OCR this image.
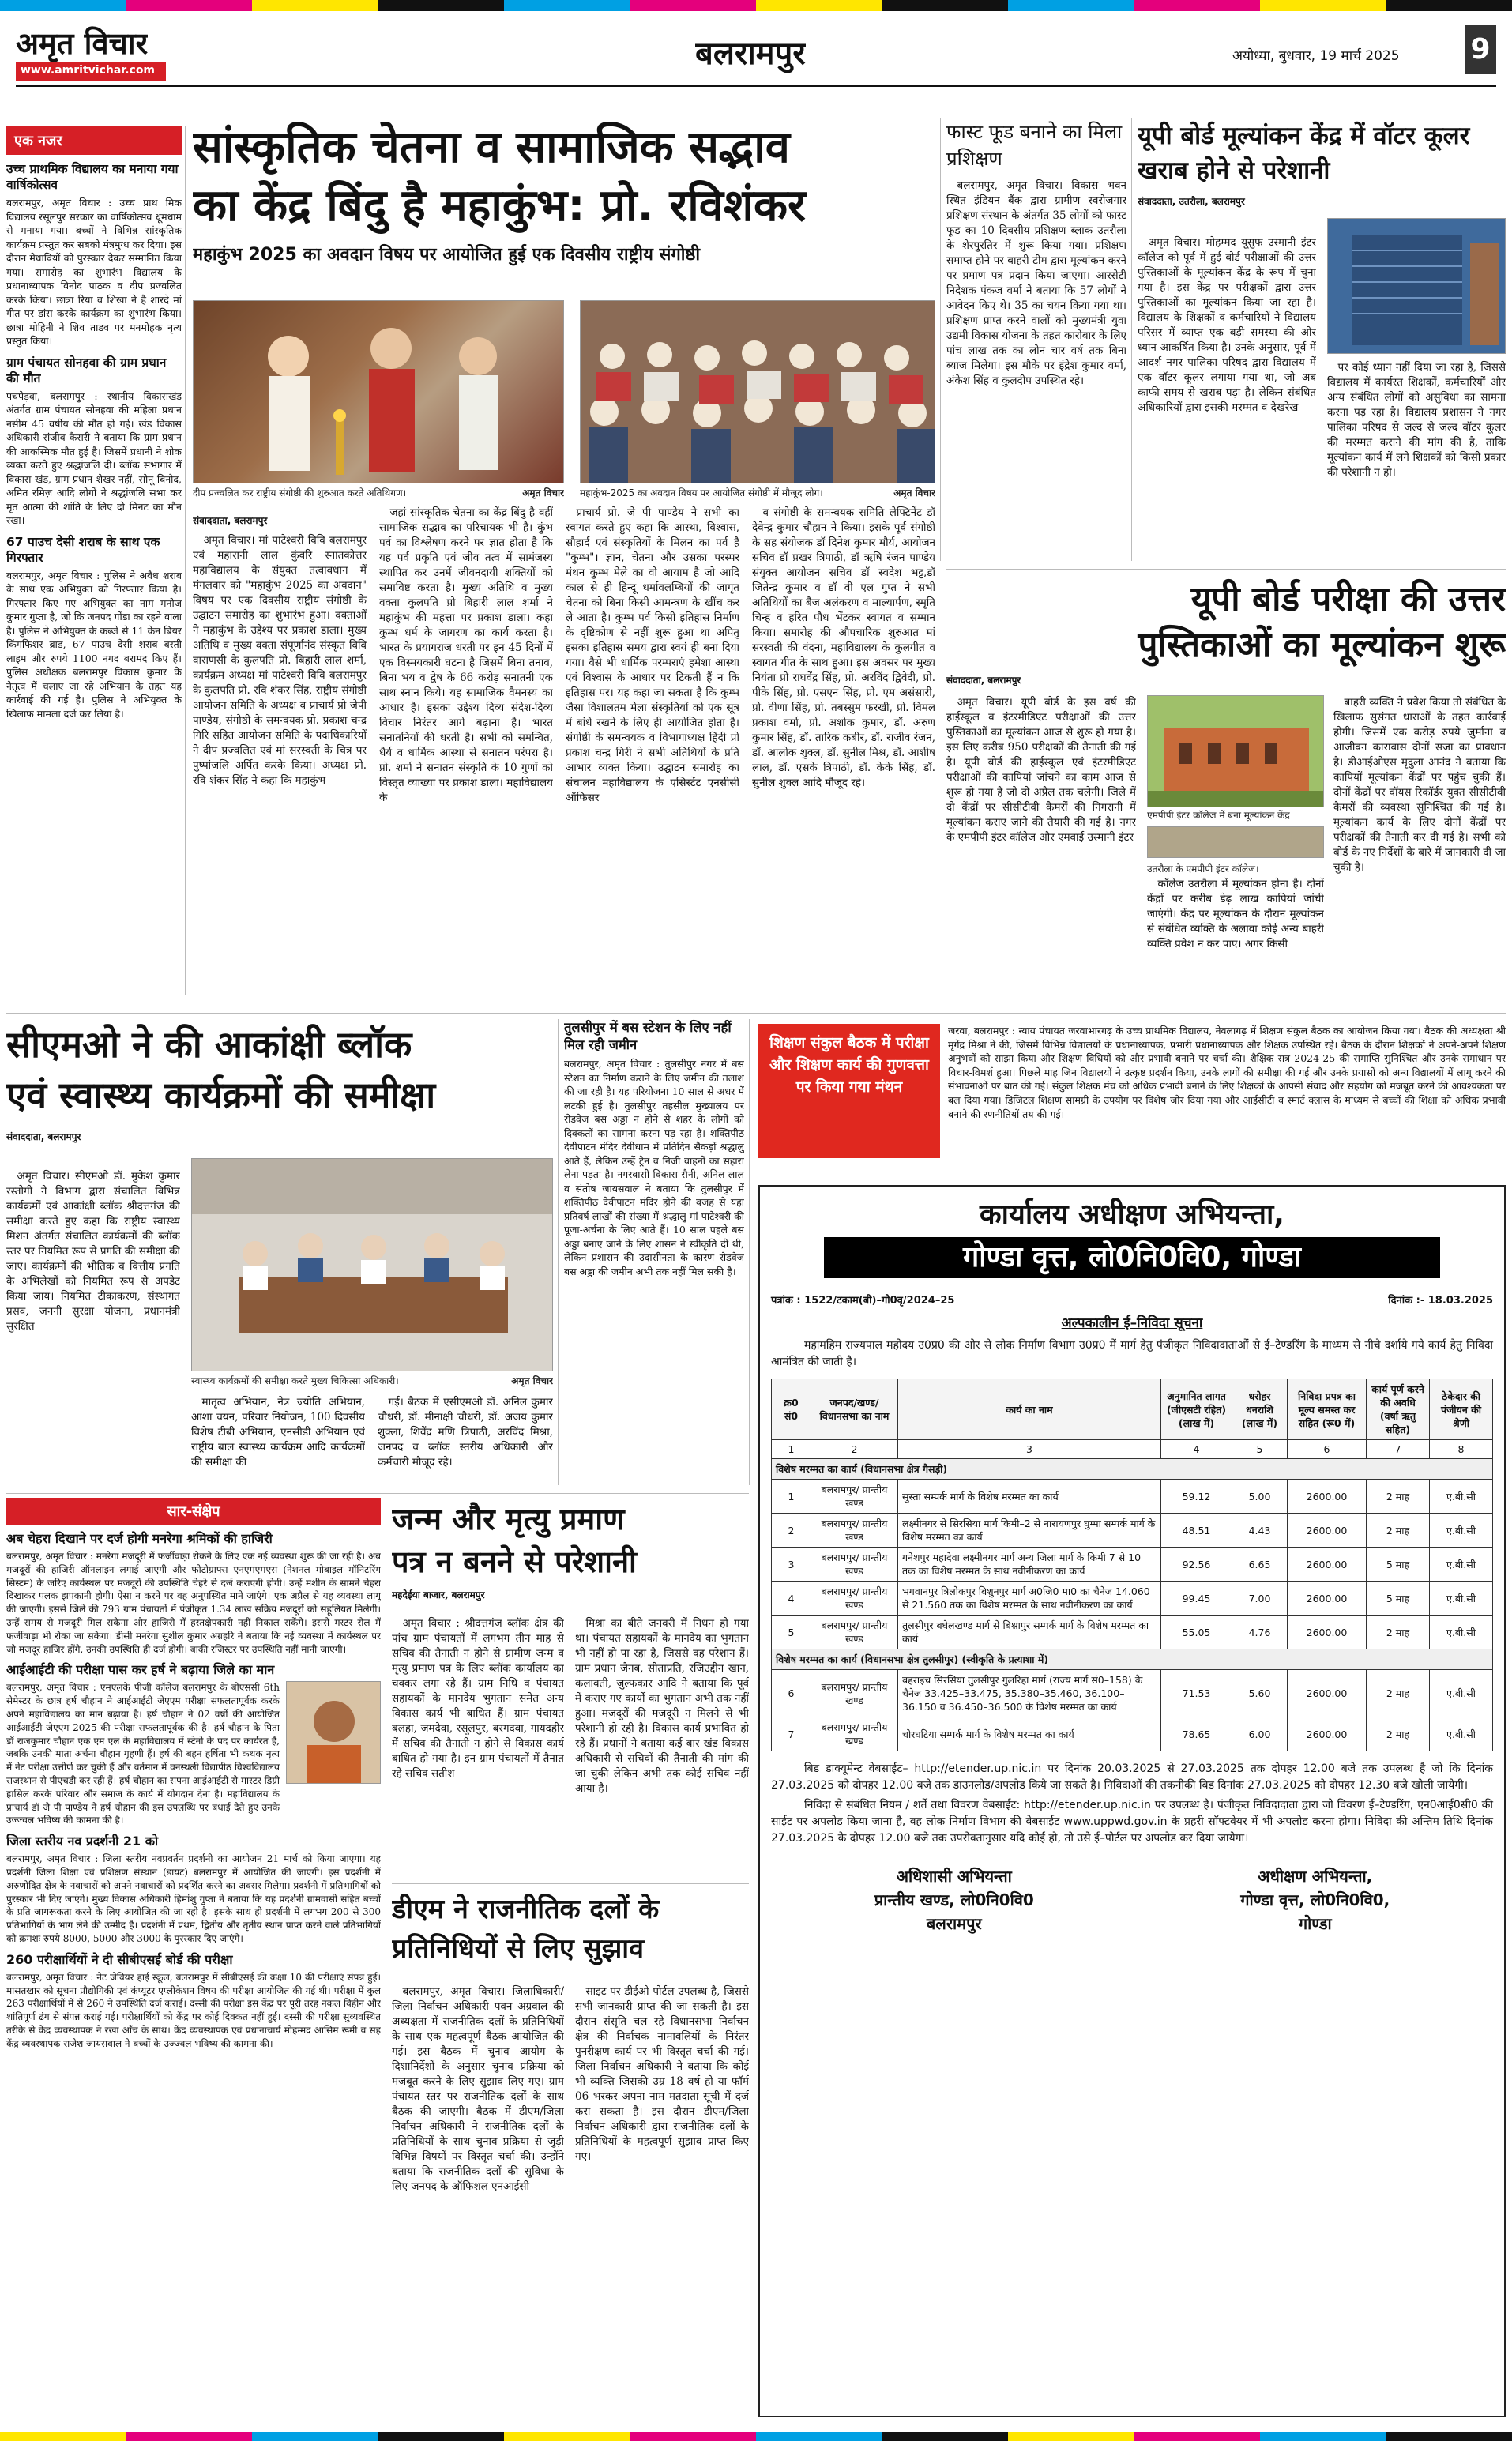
अमृत विचार
www.amritvichar.com	बलरामपुर	अयोध्या, बुधवार, 19 मार्च 2025 9
एक नजर
उच्च प्राथमिक विद्यालय का मनाया गया वार्षिकोत्सव
बलरामपुर, अमृत विचार : उच्च प्राथ मिक विद्यालय रसूलपुर सरकार का वार्षिकोत्सव धूमधाम से मनाया गया। बच्चों ने विभिन्न सांस्कृतिक कार्यक्रम प्रस्तुत कर सबको मंत्रमुग्ध कर दिया। इस दौरान मेधावियों को पुरस्कार देकर सम्मानित किया गया। समारोह का शुभारंभ विद्यालय के प्रधानाध्यापक विनोद पाठक व दीप प्रज्वलित करके किया। छात्रा रिया व शिखा ने है शारदे मां गीत पर डांस करके कार्यक्रम का शुभारंभ किया। छात्रा मोहिनी ने शिव ताडव पर मनमोहक नृत्य प्रस्तुत किया।
ग्राम पंचायत सोनहवा की ग्राम प्रधान की मौत
पचपेड़वा, बलरामपुर : स्थानीय विकासखंड अंतर्गत ग्राम पंचायत सोनहवा की महिला प्रधान नसीम 45 वर्षीय की मौत हो गई। खंड विकास अधिकारी संजीव कैसरी ने बताया कि ग्राम प्रधान की आकस्मिक मौत हुई है। जिसमें प्रधानी ने शोक व्यक्त करते हुए श्रद्धांजलि दी। ब्लॉक सभागार में विकास खंड, ग्राम प्रधान शेखर नहीं, सोनू बिनोद, अमित रमिज़ आदि लोगों ने श्रद्धांजलि सभा कर मृत आत्मा की शांति के लिए दो मिनट का मौन रखा।
67 पाउच देसी शराब के साथ एक गिरफ्तार
बलरामपुर, अमृत विचार : पुलिस ने अवैध शराब के साथ एक अभियुक्त को गिरफ्तार किया है। गिरफ्तार किए गए अभियुक्त का नाम मनोज कुमार गुप्ता है, जो कि जनपद गोंडा का रहने वाला है। पुलिस ने अभियुक्त के कब्जे से 11 केन बियर किंगफिशर ब्राड, 67 पाउच देसी शराब बस्ती लाइम और रुपये 1100 नगद बरामद किए हैं। पुलिस अधीक्षक बलरामपुर विकास कुमार के नेतृत्व में चलाए जा रहे अभियान के तहत यह कार्रवाई की गई है। पुलिस ने अभियुक्त के खिलाफ मामला दर्ज कर लिया है।
सांस्कृतिक चेतना व सामाजिक सद्भाव
का केंद्र बिंदु है महाकुंभ: प्रो. रविशंकर
महाकुंभ 2025 का अवदान विषय पर आयोजित हुई एक दिवसीय राष्ट्रीय संगोष्ठी
दीप प्रज्वलित कर राष्ट्रीय संगोष्ठी की शुरुआत करते अतिथिगण।	अमृत विचार महाकुंभ-2025 का अवदान विषय पर आयोजित संगोष्ठी में मौजूद लोग।	अमृत विचार
संवाददाता, बलरामपुर

अमृत विचार। मां पाटेश्वरी विवि बलरामपुर एवं महारानी लाल कुंवरि स्नातकोत्तर महाविद्यालय के संयुक्त तत्वावधान में मंगलवार को "महाकुंभ 2025 का अवदान" विषय पर एक दिवसीय राष्ट्रीय संगोष्ठी के उद्घाटन समारोह का शुभारंभ हुआ। वक्ताओं ने महाकुंभ के उद्देश्य पर प्रकाश डाला। मुख्य अतिथि व मुख्य वक्ता संपूर्णानंद संस्कृत विवि वाराणसी के कुलपति प्रो. बिहारी लाल शर्मा, कार्यक्रम अध्यक्ष मां पाटेश्वरी विवि बलरामपुर के कुलपति प्रो. रवि शंकर सिंह, राष्ट्रीय संगोष्ठी आयोजन समिति के अध्यक्ष व प्राचार्य प्रो जेपी पाण्डेय, संगोष्ठी के समन्वयक प्रो. प्रकाश चन्द्र गिरि सहित आयोजन समिति के पदाधिकारियों ने दीप प्रज्वलित एवं मां सरस्वती के चित्र पर पुष्पांजलि अर्पित करके किया। अध्यक्ष प्रो. रवि शंकर सिंह ने कहा कि महाकुंभ

जहां सांस्कृतिक चेतना का केंद्र बिंदु है वहीं सामाजिक सद्भाव का परिचायक भी है। कुंभ पर्व का विश्लेषण करने पर ज्ञात होता है कि यह पर्व प्रकृति एवं जीव तत्व में सामंजस्य स्थापित कर उनमें जीवनदायी शक्तियों को समाविष्ट करता है। मुख्य अतिथि व मुख्य वक्ता कुलपति प्रो बिहारी लाल शर्मा ने महाकुंभ की महत्ता पर प्रकाश डाला। कहा कुम्भ धर्म के जागरण का कार्य करता है। भारत के प्रयागराज धरती पर इन 45 दिनों में एक विस्मयकारी घटना है जिसमें बिना तनाव, बिना भय व द्वेष के 66 करोड़ सनातनी एक साथ स्नान किये। यह सामाजिक वैमनस्य का आधार है। इसका उद्देश्य दिव्य संदेश-दिव्य विचार निरंतर आगे बढ़ाना है। भारत सनातनियों की धरती है। सभी को समन्वित, धैर्य व धार्मिक आस्था से सनातन परंपरा है। प्रो. शर्मा ने सनातन संस्कृति के 10 गुणों को विस्तृत व्याख्या पर प्रकाश डाला। महाविद्यालय के

प्राचार्य प्रो. जे पी पाण्डेय ने सभी का स्वागत करते हुए कहा कि आस्था, विश्वास, सौहार्द एवं संस्कृतियों के मिलन का पर्व है "कुम्भ"। ज्ञान, चेतना और उसका परस्पर मंथन कुम्भ मेले का वो आयाम है जो आदि काल से ही हिन्दू धर्मावलम्बियों की जागृत चेतना को बिना किसी आमन्त्रण के खींच कर ले आता है। कुम्भ पर्व किसी इतिहास निर्माण के दृष्टिकोण से नहीं शुरू हुआ था अपितु इसका इतिहास समय द्वारा स्वयं ही बना दिया गया। वैसे भी धार्मिक परम्पराएं हमेशा आस्था एवं विश्वास के आधार पर टिकती हैं न कि इतिहास पर। यह कहा जा सकता है कि कुम्भ जैसा विशालतम मेला संस्कृतियों को एक सूत्र में बांधे रखने के लिए ही आयोजित होता है। संगोष्ठी के समन्वयक व विभागाध्यक्ष हिंदी प्रो प्रकाश चन्द्र गिरी ने सभी अतिथियों के प्रति आभार व्यक्त किया। उद्घाटन समारोह का संचालन महाविद्यालय के एसिस्टेंट एनसीसी ऑफिसर

व संगोष्ठी के समन्वयक समिति लेफ्टिनेंट डॉ देवेन्द्र कुमार चौहान ने किया। इसके पूर्व संगोष्ठी के सह संयोजक डॉ दिनेश कुमार मौर्य, आयोजन सचिव डॉ प्रखर त्रिपाठी, डॉ ऋषि रंजन पाण्डेय संयुक्त आयोजन सचिव डॉ स्वदेश भट्ट,डॉ जितेन्द्र कुमार व डॉ वी एल गुप्त ने सभी अतिथियों का बैज अलंकरण व माल्यार्पण, स्मृति चिन्ह व हरित पौध भेंटकर स्वागत व सम्मान किया। समारोह की औपचारिक शुरुआत मां सरस्वती की वंदना, महाविद्यालय के कुलगीत व स्वागत गीत के साथ हुआ। इस अवसर पर मुख्य नियंता प्रो राघवेंद्र सिंह, प्रो. अरविंद द्विवेदी, प्रो. पीके सिंह, प्रो. एसएन सिंह, प्रो. एम असंसारी, प्रो. वीणा सिंह, प्रो. तबस्सुम फरखी, प्रो. विमल प्रकाश वर्मा, प्रो. अशोक कुमार, डॉ. अरुण कुमार सिंह, डॉ. तारिक कबीर, डॉ. राजीव रंजन, डॉ. आलोक शुक्ल, डॉ. सुनील मिश्र, डॉ. आशीष लाल, डॉ. एसके त्रिपाठी, डॉ. केके सिंह, डॉ. सुनील शुक्ल आदि मौजूद रहे।

फास्ट फूड बनाने का मिला प्रशिक्षण

बलरामपुर, अमृत विचार। विकास भवन स्थित इंडियन बैंक द्वारा ग्रामीण स्वरोजगार प्रशिक्षण संस्थान के अंतर्गत 35 लोगों को फास्ट फूड का 10 दिवसीय प्रशिक्षण ब्लाक उतरौला के शेरपुरतिर में शुरू किया गया। प्रशिक्षण समाप्त होने पर बाहरी टीम द्वारा मूल्यांकन करने पर प्रमाण पत्र प्रदान किया जाएगा। आरसेटी निदेशक पंकज वर्मा ने बताया कि 57 लोगों ने आवेदन किए थे। 35 का चयन किया गया था। प्रशिक्षण प्राप्त करने वालों को मुख्यमंत्री युवा उद्यमी विकास योजना के तहत कारोबार के लिए पांच लाख तक का लोन चार वर्ष तक बिना ब्याज मिलेगा। इस मौके पर इंद्रेश कुमार वर्मा, अंकेश सिंह व कुलदीप उपस्थित रहे।

यूपी बोर्ड मूल्यांकन केंद्र में वॉटर कूलर खराब होने से परेशानी
संवाददाता, उतरौला, बलरामपुर

अमृत विचार। मोहम्मद यूसुफ उस्मानी इंटर कॉलेज को पूर्व में हुई बोर्ड परीक्षाओं की उत्तर पुस्तिकाओं के मूल्यांकन केंद्र के रूप में चुना गया है। इस केंद्र पर परीक्षकों द्वारा उत्तर पुस्तिकाओं का मूल्यांकन किया जा रहा है। विद्यालय के शिक्षकों व कर्मचारियों ने विद्यालय परिसर में व्याप्त एक बड़ी समस्या की ओर ध्यान आकर्षित किया है। उनके अनुसार, पूर्व में आदर्श नगर पालिका परिषद द्वारा विद्यालय में एक वॉटर कूलर लगाया गया था, जो अब काफी समय से खराब पड़ा है। लेकिन संबंधित अधिकारियों द्वारा इसकी मरम्मत व देखरेख

पर कोई ध्यान नहीं दिया जा रहा है, जिससे विद्यालय में कार्यरत शिक्षकों, कर्मचारियों और अन्य संबंधित लोगों को असुविधा का सामना करना पड़ रहा है। विद्यालय प्रशासन ने नगर पालिका परिषद से जल्द से जल्द वॉटर कूलर की मरम्मत कराने की मांग की है, ताकि मूल्यांकन कार्य में लगे शिक्षकों को किसी प्रकार की परेशानी न हो।

यूपी बोर्ड परीक्षा की उत्तर
पुस्तिकाओं का मूल्यांकन शुरू
संवाददाता, बलरामपुर
एमपीपी इंटर कॉलेज में बना मूल्यांकन केंद्र

अमृत विचार। यूपी बोर्ड के इस वर्ष की हाईस्कूल व इंटरमीडिएट परीक्षाओं की उत्तर पुस्तिकाओं का मूल्यांकन आज से शुरू हो गया है। इस लिए करीब 950 परीक्षकों की तैनाती की गई है। यूपी बोर्ड की हाईस्कूल एवं इंटरमीडिएट परीक्षाओं की कापियां जांचने का काम आज से शुरू हो गया है जो दो अप्रैल तक चलेगी। जिले में दो केंद्रों पर सीसीटीवी कैमरों की निगरानी में मूल्यांकन कराए जाने की तैयारी की गई है। नगर के एमपीपी इंटर कॉलेज और एमवाई उस्मानी इंटर

उतरौला के एमपीपी इंटर कॉलेज।

कॉलेज उतरौला में मूल्यांकन होना है। दोनों केंद्रों पर करीब डेढ़ लाख कापियां जांची जाएंगी। केंद्र पर मूल्यांकन के दौरान मूल्यांकन से संबंधित व्यक्ति के अलावा कोई अन्य बाहरी व्यक्ति प्रवेश न कर पाए। अगर किसी

बाहरी व्यक्ति ने प्रवेश किया तो संबंधित के खिलाफ सुसंगत धाराओं के तहत कार्रवाई होगी। जिसमें एक करोड़ रुपये जुर्माना व आजीवन कारावास दोनों सजा का प्रावधान है। डीआईओएस मृदुला आनंद ने बताया कि कापियों मूल्यांकन केंद्रों पर पहुंच चुकी हैं। दोनों केंद्रों पर वॉयस रिकॉर्डर युक्त सीसीटीवी कैमरों की व्यवस्था सुनिश्चित की गई है। मूल्यांकन कार्य के लिए दोनों केंद्रों पर परीक्षकों की तैनाती कर दी गई है। सभी को बोर्ड के नए निर्देशों के बारे में जानकारी दी जा चुकी है।

सीएमओ ने की आकांक्षी ब्लॉक
एवं स्वास्थ्य कार्यक्रमों की समीक्षा
संवाददाता, बलरामपुर

अमृत विचार। सीएमओ डॉ. मुकेश कुमार रस्तोगी ने विभाग द्वारा संचालित विभिन्न कार्यक्रमों एवं आकांक्षी ब्लॉक श्रीदत्तगंज की समीक्षा करते हुए कहा कि राष्ट्रीय स्वास्थ्य मिशन अंतर्गत संचालित कार्यक्रमों की ब्लॉक स्तर पर नियमित रूप से प्रगति की समीक्षा की जाए। कार्यक्रमों की भौतिक व वित्तीय प्रगति के अभिलेखों को नियमित रूप से अपडेट किया जाय। नियमित टीकाकरण, संस्थागत प्रसव, जननी सुरक्षा योजना, प्रधानमंत्री सुरक्षित

स्वास्थ्य कार्यक्रमों की समीक्षा करते मुख्य चिकित्सा अधिकारी।	अमृत विचार

मातृत्व अभियान, नेत्र ज्योति अभियान, आशा चयन, परिवार नियोजन, 100 दिवसीय विशेष टीबी अभियान, एनसीडी अभियान एवं राष्ट्रीय बाल स्वास्थ्य कार्यक्रम आदि कार्यक्रमों की समीक्षा की

गई। बैठक में एसीएमओ डॉ. अनिल कुमार चौधरी, डॉ. मीनाक्षी चौधरी, डॉ. अजय कुमार शुक्ला, शिवेंद्र मणि त्रिपाठी, अरविंद मिश्रा, जनपद व ब्लॉक स्तरीय अधिकारी और कर्मचारी मौजूद रहे।

तुलसीपुर में बस स्टेशन के लिए नहीं मिल रही जमीन
बलरामपुर, अमृत विचार : तुलसीपुर नगर में बस स्टेशन का निर्माण कराने के लिए जमीन की तलाश की जा रही है। यह परियोजना 10 साल से अधर में लटकी हुई है। तुलसीपुर तहसील मुख्यालय पर रोडवेज बस अड्डा न होने से शहर के लोगों को दिक्कतों का सामना करना पड़ रहा है। शक्तिपीठ देवीपाटन मंदिर देवीधाम में प्रतिदिन सैकड़ों श्रद्धालु आते हैं, लेकिन उन्हें ट्रेन व निजी वाहनों का सहारा लेना पड़ता है। नगरवासी विकास सैनी, अनिल लाल व संतोष जायसवाल ने बताया कि तुलसीपुर में शक्तिपीठ देवीपाटन मंदिर होने की वजह से यहां प्रतिवर्ष लाखों की संख्या में श्रद्धालु मां पाटेश्वरी की पूजा-अर्चना के लिए आते हैं। 10 साल पहले बस अड्डा बनाए जाने के लिए शासन ने स्वीकृति दी थी, लेकिन प्रशासन की उदासीनता के कारण रोडवेज बस अड्डा की जमीन अभी तक नहीं मिल सकी है।
शिक्षण संकुल बैठक में परीक्षा और शिक्षण कार्य की गुणवत्ता पर किया गया मंथन
जरवा, बलरामपुर : न्याय पंचायत जरवाभारगढ़ के उच्च प्राथमिक विद्यालय, नेवलागढ़ में शिक्षण संकुल बैठक का आयोजन किया गया। बैठक की अध्यक्षता श्री मृगेंद्र मिश्रा ने की, जिसमें विभिन्न विद्यालयों के प्रधानाध्यापक, प्रभारी प्रधानाध्यापक और शिक्षक उपस्थित रहे। बैठक के दौरान शिक्षकों ने अपने-अपने शिक्षण अनुभवों को साझा किया और शिक्षण विधियों को और प्रभावी बनाने पर चर्चा की। शैक्षिक सत्र 2024-25 की समाप्ति सुनिश्चित और उनके समाधान पर विचार-विमर्श हुआ। पिछले माह जिन विद्यालयों ने उत्कृष्ट प्रदर्शन किया, उनके लागों की समीक्षा की गई और उनके प्रयासों को अन्य विद्यालयों में लागू करने की संभावनाओं पर बात की गई। संकुल शिक्षक मंच को अधिक प्रभावी बनाने के लिए शिक्षकों के आपसी संवाद और सहयोग को मजबूत करने की आवश्यकता पर बल दिया गया। डिजिटल शिक्षण सामग्री के उपयोग पर विशेष जोर दिया गया और आईसीटी व स्मार्ट क्लास के माध्यम से बच्चों की शिक्षा को अधिक प्रभावी बनाने की रणनीतियों तय की गई।
कार्यालय अधीक्षण अभियन्ता,
गोण्डा वृत्त, लो0नि0वि0, गोण्डा
पत्रांक : 1522/टकाम(बी)–गो0वृ/2024–25	दिनांक :- 18.03.2025
अल्पकालीन ई–निविदा सूचना
महामहिम राज्यपाल महोदय उ0प्र0 की ओर से लोक निर्माण विभाग उ0प्र0 में मार्ग हेतु पंजीकृत निविदादाताओं से ई–टेण्डरिंग के माध्यम से नीचे दर्शाये गये कार्य हेतु निविदा आमंत्रित की जाती है।
क्र0 सं0	जनपद/खण्ड/विधानसभा का नाम	कार्य का नाम	अनुमानित लागत (जीएसटी रहित) (लाख में)	धरोहर धनराशि (लाख में)	निविदा प्रपत्र का मूल्य समस्त कर सहित (रू0 में)	कार्य पूर्ण करने की अवधि (वर्षा ऋतु सहित)	ठेकेदार की पंजीयन की श्रेणी
1	2	3	4	5	6	7	8
विशेष मरम्मत का कार्य (विधानसभा क्षेत्र गैसड़ी)							
1	बलरामपुर/ प्रान्तीय खण्ड	सुस्ता सम्पर्क मार्ग के विशेष मरम्मत का कार्य	59.12	5.00	2600.00	2 माह	ए.बी.सी
2	बलरामपुर/ प्रान्तीय खण्ड	लक्ष्मीनगर से सिरसिया मार्ग किमी–2 से नारायणपुर घुम्मा सम्पर्क मार्ग के विशेष मरम्मत का कार्य	48.51	4.43	2600.00	2 माह	ए.बी.सी
3	बलरामपुर/ प्रान्तीय खण्ड	गनेशपुर महादेवा लक्ष्मीनगर मार्ग अन्य जिला मार्ग के किमी 7 से 10 तक का विशेष मरम्मत के साथ नवीनीकरण का कार्य	92.56	6.65	2600.00	5 माह	ए.बी.सी
4	बलरामपुर/ प्रान्तीय खण्ड	भगवानपुर त्रिलोकपुर बिशुनपुर मार्ग अ0जि0 मा0 का चैनेज 14.060 से 21.560 तक का विशेष मरम्मत के साथ नवीनीकरण का कार्य	99.45	7.00	2600.00	5 माह	ए.बी.सी
5	बलरामपुर/ प्रान्तीय खण्ड	तुलसीपुर बघेलखण्ड मार्ग से बिश्नापुर सम्पर्क मार्ग के विशेष मरम्मत का कार्य	55.05	4.76	2600.00	2 माह	ए.बी.सी
विशेष मरम्मत का कार्य (विधानसभा क्षेत्र तुलसीपुर) (स्वीकृति के प्रत्याशा में)							
6	बलरामपुर/ प्रान्तीय खण्ड	बहराइच सिरसिया तुलसीपुर गुलरिहा मार्ग (राज्य मार्ग सं0–158) के चैनेज 33.425–33.475, 35.380–35.460, 36.100–36.150 व 36.450–36.500 के विशेष मरम्मत का कार्य	71.53	5.60	2600.00	2 माह	ए.बी.सी
7	बलरामपुर/ प्रान्तीय खण्ड	चोरघटिया सम्पर्क मार्ग के विशेष मरम्मत का कार्य	78.65	6.00	2600.00	2 माह	ए.बी.सी
बिड डाक्यूमेन्ट वेबसाईट– http://etender.up.nic.in पर दिनांक 20.03.2025 से 27.03.2025 तक दोपहर 12.00 बजे तक उपलब्ध है जो कि दिनांक 27.03.2025 को दोपहर 12.00 बजे तक डाउनलोड/अपलोड किये जा सकते है। निविदाओं की तकनीकी बिड दिनांक 27.03.2025 को दोपहर 12.30 बजे खोली जायेगी।
निविदा से संबंधित नियम / शर्तें तथा विवरण वेबसाईट: http://etender.up.nic.in पर उपलब्ध है। पंजीकृत निविदादाता द्वारा जो विवरण ई–टेण्डरिंग, एन0आई0सी0 की साईट पर अपलोड किया जाना है, वह लोक निर्माण विभाग की वेबसाईट www.uppwd.gov.in के प्रहरी सॉफ्टवेयर में भी अपलोड करना होगा। निविदा की अन्तिम तिथि दिनांक 27.03.2025 के दोपहर 12.00 बजे तक उपरोक्तानुसार यदि कोई हो, तो उसे ई–पोर्टल पर अपलोड कर दिया जायेगा।
अधिशासी अभियन्ता
प्रान्तीय खण्ड, लो0नि0वि0
बलरामपुर
अधीक्षण अभियन्ता,
गोण्डा वृत्त, लो0नि0वि0,
गोण्डा
सार-संक्षेप
अब चेहरा दिखाने पर दर्ज होगी मनरेगा श्रमिकों की हाजिरी
बलरामपुर, अमृत विचार : मनरेगा मजदूरी में फर्जीवाड़ा रोकने के लिए एक नई व्यवस्था शुरू की जा रही है। अब मजदूरों की हाजिरी ऑनलाइन लगाई जाएगी और फोटोग्राफ्स एनएमएमएस (नेशनल मोबाइल मॉनिटरिंग सिस्टम) के जरिए कार्यस्थल पर मजदूरों की उपस्थिति चेहरे से दर्ज कराएगी होगी। उन्हें मशीन के सामने चेहरा दिखाकर पलक झपकानी होगी। ऐसा न करने पर वह अनुपस्थित माने जाएंगे। एक अप्रैल से यह व्यवस्था लागू की जाएगी। इससे जिले की 793 ग्राम पंचायतों में पंजीकृत 1.34 लाख सक्रिय मजदूरों को सहूलियत मिलेगी। उन्हें समय से मजदूरी मिल सकेगा और हाजिरी में हस्तक्षेपकारी नहीं निकाल सकेंगे। इससे मस्टर रोल में फर्जीवाड़ा भी रोका जा सकेगा। डीसी मनरेगा सुशील कुमार अग्रहरि ने बताया कि नई व्यवस्था में कार्यस्थल पर जो मजदूर हाजिर होंगे, उनकी उपस्थिति ही दर्ज होगी। बाकी रजिस्टर पर उपस्थिति नहीं मानी जाएगी।
आईआईटी की परीक्षा पास कर हर्ष ने बढ़ाया जिले का मान
बलरामपुर, अमृत विचार : एमएलके पीजी कॉलेज बलरामपुर के बीएससी 6th सेमेस्टर के छात्र हर्ष चौहान ने आईआईटी जेएएम परीक्षा सफलतापूर्वक करके अपने महाविद्यालय का मान बढ़ाया है। हर्ष चौहान ने 02 वर्ष्रों की आयोजित आईआईटी जेएएम 2025 की परीक्षा सफलतापूर्वक की है। हर्ष चौहान के पिता डॉ राजकुमार चौहान एक एम एल के महाविद्यालय में स्टेनो के पद पर कार्यरत हैं, जबकि उनकी माता अर्चना चौहान गृहणी हैं। हर्ष की बहन हर्षिता भी कथक नृत्य में नेट परीक्षा उत्तीर्ण कर चुकी हैं और वर्तमान में वनस्थली विद्यापीठ विश्वविद्यालय राजस्थान से पीएचडी कर रही हैं। हर्ष चौहान का सपना आईआईटी से मास्टर डिग्री हासिल करके परिवार और समाज के कार्य में योगदान देना है। महाविद्यालय के प्राचार्य डॉ जे पी पाण्डेय ने हर्ष चौहान की इस उपलब्धि पर बधाई देते हुए उनके उज्ज्वल भविष्य की कामना की है।
जिला स्तरीय नव प्रदर्शनी 21 को
बलरामपुर, अमृत विचार : जिला स्तरीय नवप्रवर्तन प्रदर्शनी का आयोजन 21 मार्च को किया जाएगा। यह प्रदर्शनी जिला शिक्षा एवं प्रशिक्षण संस्थान (डायट) बलरामपुर में आयोजित की जाएगी। इस प्रदर्शनी में अरुणोदित क्षेत्र के नवाचारों को अपने नवाचारों को प्रदर्शित करने का अवसर मिलेगा। प्रदर्शनी में प्रतिभागियों को पुरस्कार भी दिए जाएंगे। मुख्य विकास अधिकारी हिमांशु गुप्ता ने बताया कि यह प्रदर्शनी ग्रामवासी सहित बच्चों के प्रति जागरूकता करने के लिए आयोजित की जा रही है। इसके साथ ही प्रदर्शनी में लगभग 200 से 300 प्रतिभागियों के भाग लेने की उम्मीद है। प्रदर्शनी में प्रथम, द्वितीय और तृतीय स्थान प्राप्त करने वाले प्रतिभागियों को क्रमशः रुपये 8000, 5000 और 3000 के पुरस्कार दिए जाएंगे।
260 परीक्षार्थियों ने दी सीबीएसई बोर्ड की परीक्षा
बलरामपुर, अमृत विचार : नेट जेवियर हाई स्कूल, बलरामपुर में सीबीएसई की कक्षा 10 की परीक्षाएं संपन्न हुई। मासतखार को सूचना प्रौद्योगिकी एवं कंप्यूटर एप्लीकेशन विषय की परीक्षा आयोजित की गई थी। परीक्षा में कुल 263 परीक्षार्थियों में से 260 ने उपस्थिति दर्ज कराई। दस्सी की परीक्षा इस केंद्र पर पूरी तरह नकल विहीन और शांतिपूर्ण ढंग से संपन्न कराई गई। परीक्षार्थियों को केंद्र पर कोई दिक्कत नहीं हुई। दस्सी की परीक्षा सुव्यवस्थित तरीके से केंद्र व्यवस्थापक ने रखा आँच के साथ। केंद्र व्यवस्थापक एवं प्रधानाचार्य मोहम्मद आसिम रूमी व सह केंद्र व्यवस्थापक राजेश जायसवाल ने बच्चों के उज्ज्वल भविष्य की कामना की।
जन्म और मृत्यु प्रमाण
पत्र न बनने से परेशानी
महदेईया बाजार, बलरामपुर

अमृत विचार : श्रीदत्तगंज ब्लॉक क्षेत्र की पांच ग्राम पंचायतों में लगभग तीन माह से सचिव की तैनाती न होने से ग्रामीण जन्म व मृत्यु प्रमाण पत्र के लिए ब्लॉक कार्यालय का चक्कर लगा रहे हैं। ग्राम निधि व पंचायत सहायकों के मानदेय भुगतान समेत अन्य विकास कार्य भी बाधित हैं। ग्राम पंचायत बलहा, जमदेवा, रसूलपुर, बरगदवा, गायदहीर में सचिव की तैनाती न होने से विकास कार्य बाधित हो गया है। इन ग्राम पंचायतों में तैनात रहे सचिव सतीश

मिश्रा का बीते जनवरी में निधन हो गया था। पंचायत सहायकों के मानदेय का भुगतान भी नहीं हो पा रहा है, जिससे वह परेशान हैं। ग्राम प्रधान जैनब, सीताप्रति, रजिउद्दीन खान, कलावती, जुल्फकार आदि ने बताया कि पूर्व में कराए गए कार्यों का भुगतान अभी तक नहीं हुआ। मजदूरों की मजदूरी न मिलने से भी परेशानी हो रही है। विकास कार्य प्रभावित हो रहे हैं। प्रधानों ने बताया कई बार खंड विकास अधिकारी से सचिवों की तैनाती की मांग की जा चुकी लेकिन अभी तक कोई सचिव नहीं आया है।

डीएम ने राजनीतिक दलों के
प्रतिनिधियों से लिए सुझाव

बलरामपुर, अमृत विचार। जिलाधिकारी/जिला निर्वाचन अधिकारी पवन अग्रवाल की अध्यक्षता में राजनीतिक दलों के प्रतिनिधियों के साथ एक महत्वपूर्ण बैठक आयोजित की गई। इस बैठक में चुनाव आयोग के दिशानिर्देशों के अनुसार चुनाव प्रक्रिया को मजबूत करने के लिए सुझाव लिए गए। ग्राम पंचायत स्तर पर राजनीतिक दलों के साथ बैठक की जाएगी। बैठक में डीएम/जिला निर्वाचन अधिकारी ने राजनीतिक दलों के प्रतिनिधियों के साथ चुनाव प्रक्रिया से जुड़ी विभिन्न विषयों पर विस्तृत चर्चा की। उन्होंने बताया कि राजनीतिक दलों की सुविधा के लिए जनपद के ऑफिशल एनआईसी

साइट पर डीईओ पोर्टल उपलब्ध है, जिससे सभी जानकारी प्राप्त की जा सकती है। इस दौरान संसृति चल रहे विधानसभा निर्वाचन क्षेत्र की निर्वाचक नामावलियों के निरंतर पुनरीक्षण कार्य पर भी विस्तृत चर्चा की गई। जिला निर्वाचन अधिकारी ने बताया कि कोई भी व्यक्ति जिसकी उम्र 18 वर्ष हो या फॉर्म 06 भरकर अपना नाम मतदाता सूची में दर्ज करा सकता है। इस दौरान डीएम/जिला निर्वाचन अधिकारी द्वारा राजनीतिक दलों के प्रतिनिधियों के महत्वपूर्ण सुझाव प्राप्त किए गए।
